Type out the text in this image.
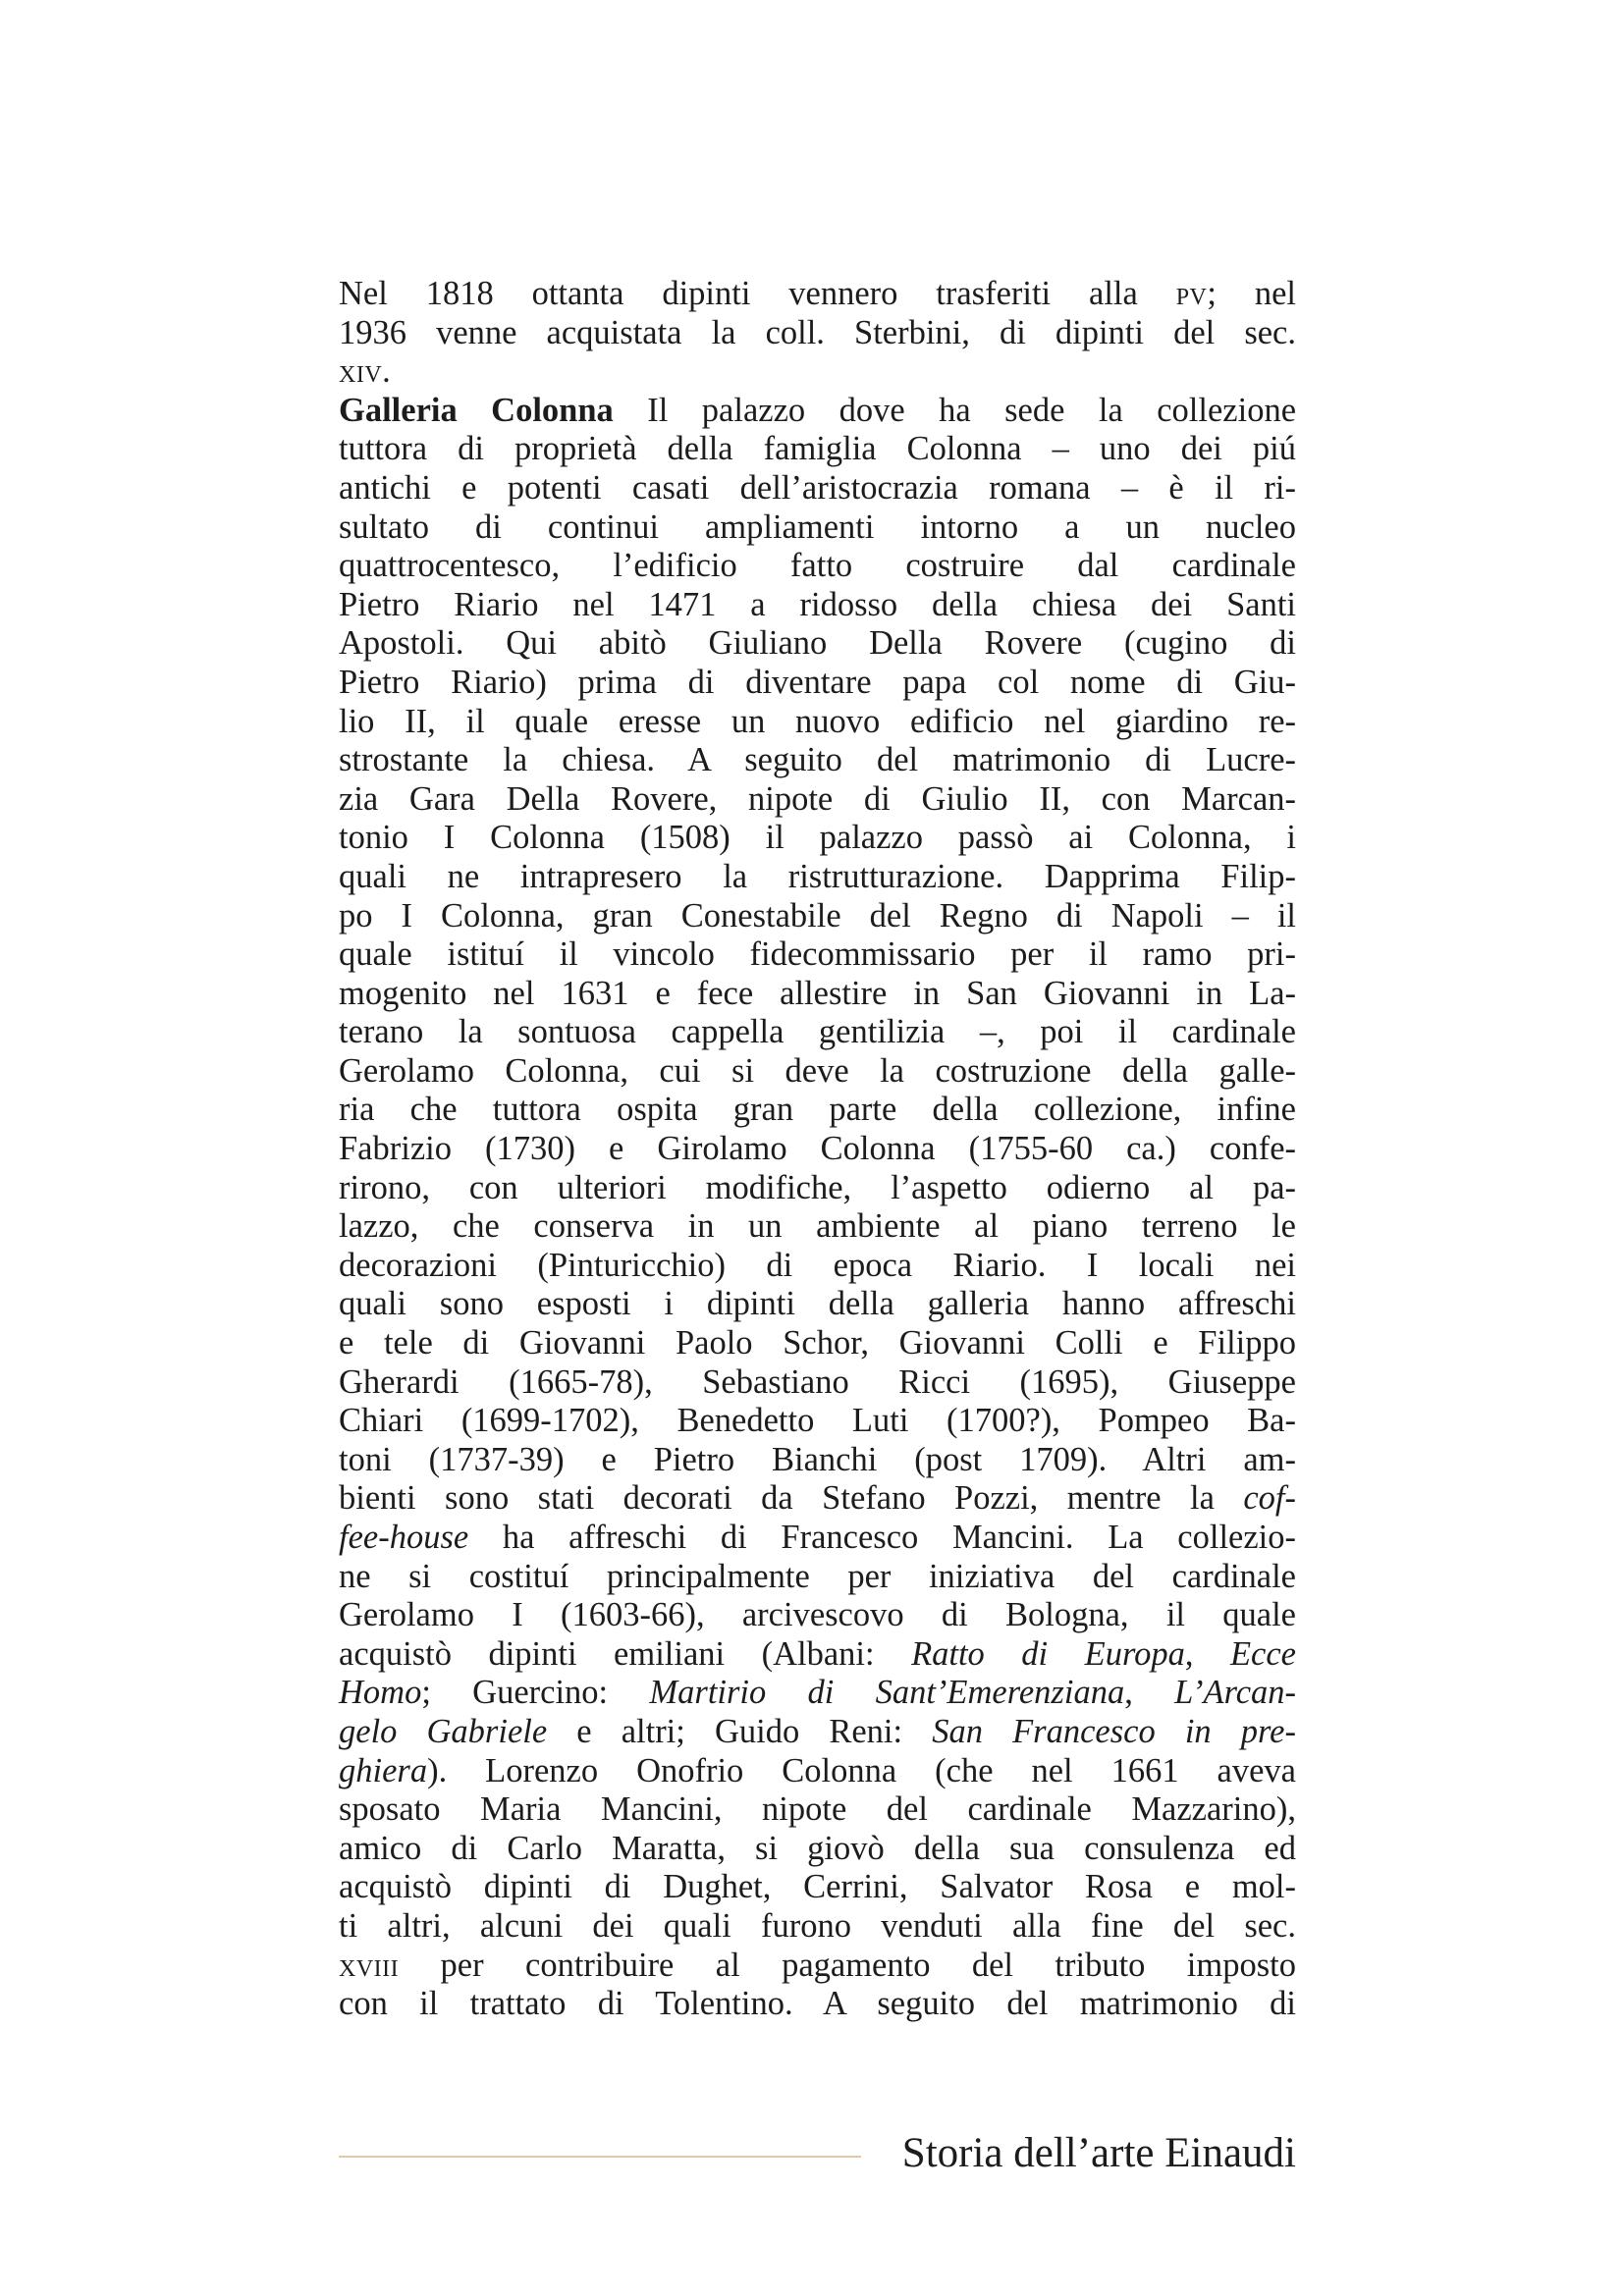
Nel 1818 ottanta dipinti vennero trasferiti alla pv; nel
1936 venne acquistata la coll. Sterbini, di dipinti del sec.
xiv.
Galleria Colonna Il palazzo dove ha sede la collezione
tuttora di proprietà della famiglia Colonna – uno dei piú
antichi e potenti casati dell’aristocrazia romana – è il ri-
sultato di continui ampliamenti intorno a un nucleo
quattrocentesco, l’edificio fatto costruire dal cardinale
Pietro Riario nel 1471 a ridosso della chiesa dei Santi
Apostoli. Qui abitò Giuliano Della Rovere (cugino di
Pietro Riario) prima di diventare papa col nome di Giu-
lio II, il quale eresse un nuovo edificio nel giardino re-
strostante la chiesa. A seguito del matrimonio di Lucre-
zia Gara Della Rovere, nipote di Giulio II, con Marcan-
tonio I Colonna (1508) il palazzo passò ai Colonna, i
quali ne intrapresero la ristrutturazione. Dapprima Filip-
po I Colonna, gran Conestabile del Regno di Napoli – il
quale istituí il vincolo fidecommissario per il ramo pri-
mogenito nel 1631 e fece allestire in San Giovanni in La-
terano la sontuosa cappella gentilizia –, poi il cardinale
Gerolamo Colonna, cui si deve la costruzione della galle-
ria che tuttora ospita gran parte della collezione, infine
Fabrizio (1730) e Girolamo Colonna (1755-60 ca.) confe-
rirono, con ulteriori modifiche, l’aspetto odierno al pa-
lazzo, che conserva in un ambiente al piano terreno le
decorazioni (Pinturicchio) di epoca Riario. I locali nei
quali sono esposti i dipinti della galleria hanno affreschi
e tele di Giovanni Paolo Schor, Giovanni Colli e Filippo
Gherardi (1665-78), Sebastiano Ricci (1695), Giuseppe
Chiari (1699-1702), Benedetto Luti (1700?), Pompeo Ba-
toni (1737-39) e Pietro Bianchi (post 1709). Altri am-
bienti sono stati decorati da Stefano Pozzi, mentre la cof-
fee-house ha affreschi di Francesco Mancini. La collezio-
ne si costituí principalmente per iniziativa del cardinale
Gerolamo I (1603-66), arcivescovo di Bologna, il quale
acquistò dipinti emiliani (Albani: Ratto di Europa, Ecce
Homo; Guercino: Martirio di Sant’Emerenziana, L’Arcan-
gelo Gabriele e altri; Guido Reni: San Francesco in pre-
ghiera). Lorenzo Onofrio Colonna (che nel 1661 aveva
sposato Maria Mancini, nipote del cardinale Mazzarino),
amico di Carlo Maratta, si giovò della sua consulenza ed
acquistò dipinti di Dughet, Cerrini, Salvator Rosa e mol-
ti altri, alcuni dei quali furono venduti alla fine del sec.
xviii per contribuire al pagamento del tributo imposto
con il trattato di Tolentino. A seguito del matrimonio di
Storia dell’arte Einaudi
